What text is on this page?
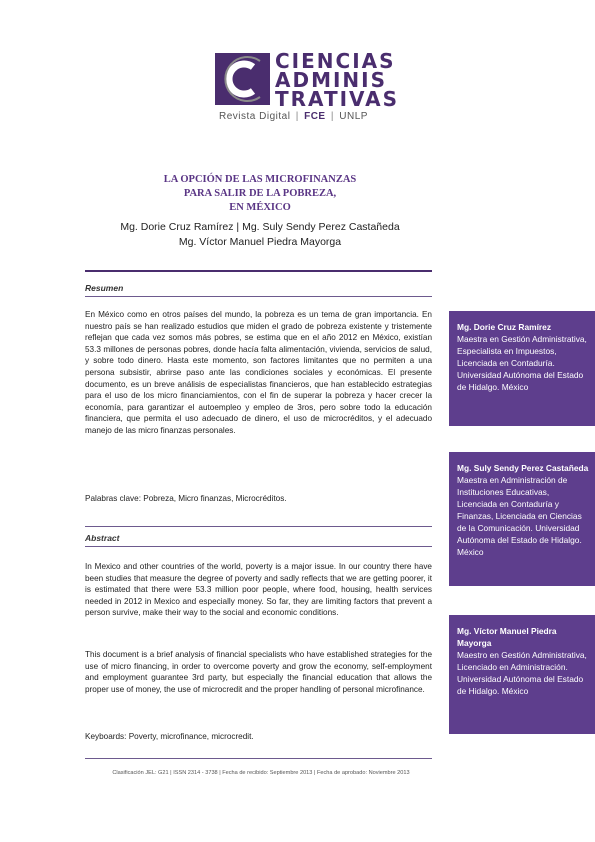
CIENCIAS
ADMINIS
TRATIVAS
Revista Digital | FCE | UNLP
LA OPCIÓN DE LAS MICROFINANZAS
PARA SALIR DE LA POBREZA,
EN MÉXICO
Mg. Dorie Cruz Ramírez | Mg. Suly Sendy Perez Castañeda
Mg. Víctor Manuel Piedra Mayorga
Resumen
En México como en otros países del mundo, la pobreza es un tema de gran importancia. En nuestro país se han realizado estudios que miden el grado de pobreza existente y tristemente reflejan que cada vez somos más pobres, se estima que en el año 2012 en México, existían 53.3 millones de personas pobres, donde hacía falta alimentación, vivienda, servicios de salud, y sobre todo dinero. Hasta este momento, son factores limitantes que no permiten a una persona subsistir, abrirse paso ante las condiciones sociales y económicas. El presente documento, es un breve análisis de especialistas financieros, que han establecido estrategias para el uso de los micro financiamientos, con el fin de superar la pobreza y hacer crecer la economía, para garantizar el autoempleo y empleo de 3ros, pero sobre todo la educación financiera, que permita el uso adecuado de dinero, el uso de microcréditos, y el adecuado manejo de las micro finanzas personales.
Palabras clave: Pobreza, Micro finanzas, Microcréditos.
Abstract
In Mexico and other countries of the world, poverty is a major issue. In our country there have been studies that measure the degree of poverty and sadly reflects that we are getting poorer, it is estimated that there were 53.3 million poor people, where food, housing, health services needed in 2012 in Mexico and especially money. So far, they are limiting factors that prevent a person survive, make their way to the social and economic conditions.
This document is a brief analysis of financial specialists who have established strategies for the use of micro financing, in order to overcome poverty and grow the economy, self-employment and employment guarantee 3rd party, but especially the financial education that allows the proper use of money, the use of microcredit and the proper handling of personal microfinance.
Keyboards: Poverty, microfinance, microcredit.
Mg. Dorie Cruz Ramírez
Maestra en Gestión Administrativa, Especialista en Impuestos, Licenciada en Contaduría. Universidad Autónoma del Estado de Hidalgo. México
Mg. Suly Sendy Perez Castañeda
Maestra en Administración de Instituciones Educativas, Licenciada en Contaduría y Finanzas, Licenciada en Ciencias de la Comunicación. Universidad Autónoma del Estado de Hidalgo. México
Mg. Víctor Manuel Piedra Mayorga
Maestro en Gestión Administrativa, Licenciado en Administración. Universidad Autónoma del Estado de Hidalgo. México
Clasificación JEL: G21 | ISSN 2314 - 3738 | Fecha de recibido: Septiembre 2013 | Fecha de aprobado: Noviembre 2013
